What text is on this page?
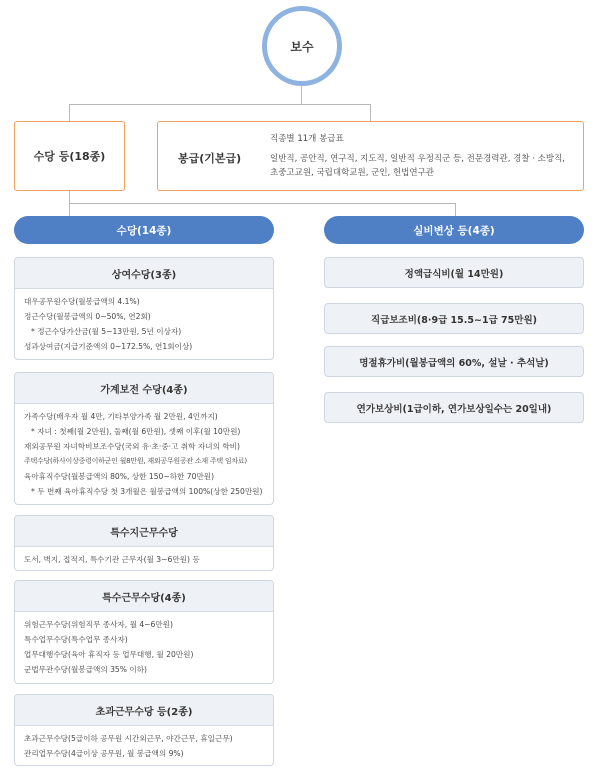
보수
수당 등(18종)	봉급(기본급)
직종별 11개 봉급표
일반직, 공안직, 연구직, 지도직, 일반직 우정직군 등, 전문경력관, 경찰 · 소방직,
초중고교원, 국립대학교원, 군인, 헌법연구관
수당(14종)	실비변상 등(4종)
상여수당(3종)
대우공무원수당(월봉급액의 4.1%)
정근수당(월봉급액의 0~50%, 연2회)
* 정근수당가산금(월 5~13만원, 5년 이상자)
성과상여금(지급기준액의 0~172.5%, 연1회이상)
가계보전 수당(4종)
가족수당(배우자 월 4만, 기타부양가족 월 2만원, 4인까지)
* 자녀 : 첫째(월 2만원), 둘째(월 6만원), 셋째 이후(월 10만원)
재외공무원 자녀학비보조수당(국외 유·초·중·고 취학 자녀의 학비)
주택수당(하사이상중령이하군인 월8만원, 재외공무원공관 소재 주택 임차료)
육아휴직수당(월봉급액의 80%, 상한 150~하한 70만원)
* 두 번째 육아휴직수당 첫 3개월은 월봉급액의 100%(상한 250만원)
특수지근무수당
도서, 벽지, 접적지, 특수기관 근무자(월 3~6만원) 등
특수근무수당(4종)
위험근무수당(위험직무 종사자, 월 4~6만원)
특수업무수당(특수업무 종사자)
업무대행수당(육아 휴직자 등 업무대행, 월 20만원)
군법무관수당(월봉급액의 35% 이하)
초과근무수당 등(2종)
초과근무수당(5급이하 공무원 시간외근무, 야간근무, 휴일근무)
관리업무수당(4급이상 공무원, 월 봉급액의 9%)
정액급식비(월 14만원)
직급보조비(8·9급 15.5~1급 75만원)
명절휴가비(월봉급액의 60%, 설날 · 추석날)
연가보상비(1급이하, 연가보상일수는 20일내)
